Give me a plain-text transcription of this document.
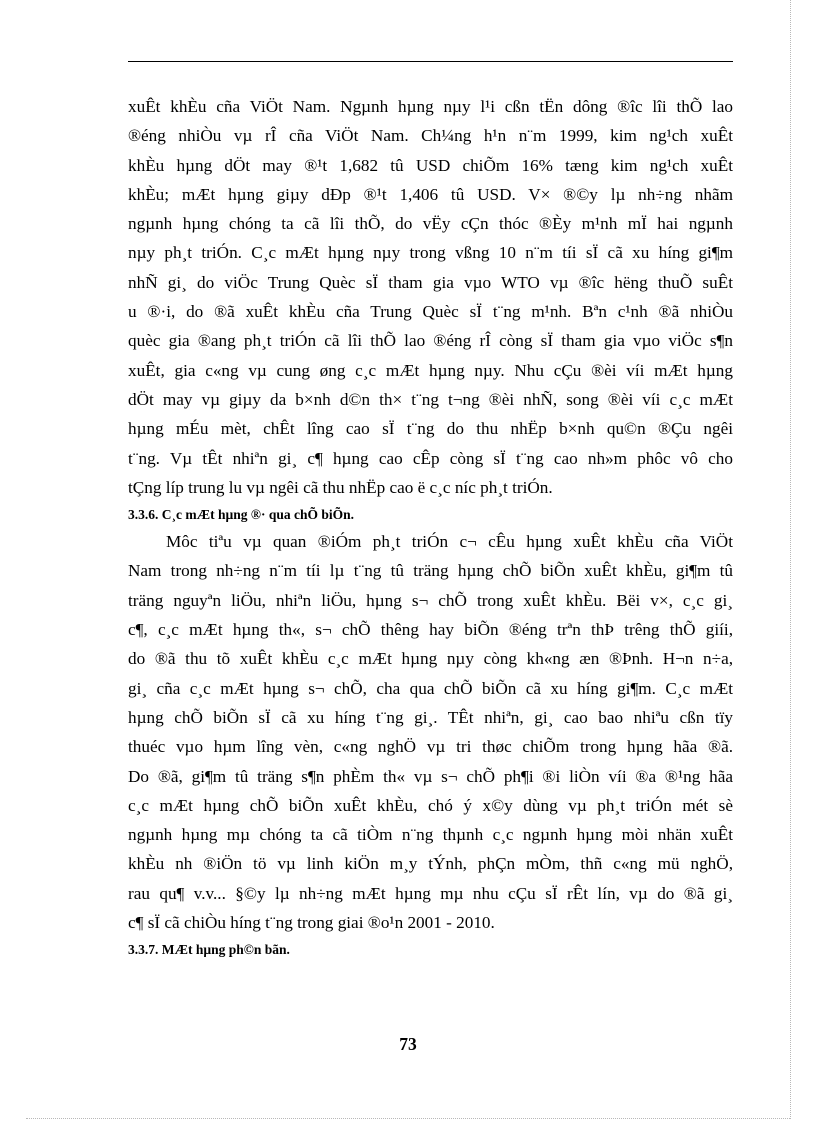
xuÊt khÈu cña ViÖt Nam. Ngµnh hµng nµy l¹i cßn tËn dông ®îc lîi thÕ lao
®éng nhiÒu vµ rÎ cña ViÖt Nam. Ch¼ng h¹n n¨m 1999, kim ng¹ch xuÊt
khÈu hµng dÖt may ®¹t 1,682 tû USD chiÕm 16% tæng kim ng¹ch xuÊt
khÈu; mÆt hµng giµy dÐp ®¹t 1,406 tû USD. V× ®©y lµ nh÷ng nhãm
ngµnh hµng chóng ta cã lîi thÕ, do vËy cÇn thóc ®Èy m¹nh mÏ hai ngµnh
nµy ph¸t triÓn. C¸c mÆt hµng nµy trong vßng 10 n¨m tíi sÏ cã xu híng gi¶m
nhÑ gi¸ do viÖc Trung Quèc sÏ tham gia vµo WTO vµ ®îc hëng thuÕ suÊt
u ®·i, do ®ã xuÊt khÈu cña Trung Quèc sÏ t¨ng m¹nh. Bªn c¹nh ®ã nhiÒu
quèc gia ®ang ph¸t triÓn cã lîi thÕ lao ®éng rÎ còng sÏ tham gia vµo viÖc s¶n
xuÊt, gia c«ng vµ cung øng c¸c mÆt hµng nµy. Nhu cÇu ®èi víi mÆt hµng
dÖt may vµ giµy da b×nh d©n th× t¨ng t¬ng ®èi nhÑ, song ®èi víi c¸c mÆt
hµng mÉu mèt, chÊt lîng cao sÏ t¨ng do thu nhËp b×nh qu©n ®Çu ngêi
t¨ng. Vµ tÊt nhiªn gi¸ c¶ hµng cao cÊp còng sÏ t¨ng cao nh»m phôc vô cho
tÇng líp trung lu vµ ngêi cã thu nhËp cao ë c¸c níc ph¸t triÓn.
3.3.6. C¸c mÆt hµng ®· qua chÕ biÕn.
Môc tiªu vµ quan ®iÓm ph¸t triÓn c¬ cÊu hµng xuÊt khÈu cña ViÖt
Nam trong nh÷ng n¨m tíi lµ t¨ng tû träng hµng chÕ biÕn xuÊt khÈu, gi¶m tû
träng nguyªn liÖu, nhiªn liÖu, hµng s¬ chÕ trong xuÊt khÈu. Bëi v×, c¸c gi¸
c¶, c¸c mÆt hµng th«, s¬ chÕ thêng hay biÕn ®éng trªn thÞ trêng thÕ giíi,
do ®ã thu tõ xuÊt khÈu c¸c mÆt hµng nµy còng kh«ng æn ®Þnh. H¬n n÷a,
gi¸ cña c¸c mÆt hµng s¬ chÕ, cha qua chÕ biÕn cã xu híng gi¶m. C¸c mÆt
hµng chÕ biÕn sÏ cã xu híng t¨ng gi¸. TÊt nhiªn, gi¸ cao bao nhiªu cßn tïy
thuéc vµo hµm lîng vèn, c«ng nghÖ vµ tri thøc chiÕm trong hµng hãa ®ã.
Do ®ã, gi¶m tû träng s¶n phÈm th« vµ s¬ chÕ ph¶i ®i liÒn víi ®a ®¹ng hãa
c¸c mÆt hµng chÕ biÕn xuÊt khÈu, chó ý x©y dùng vµ ph¸t triÓn mét sè
ngµnh hµng mµ chóng ta cã tiÒm n¨ng thµnh c¸c ngµnh hµng mòi nhän xuÊt
khÈu nh ®iÖn tö vµ linh kiÖn m¸y tÝnh, phÇn mÒm, thñ c«ng mü nghÖ,
rau qu¶ v.v... §©y lµ nh÷ng mÆt hµng mµ nhu cÇu sÏ rÊt lín, vµ do ®ã gi¸
c¶ sÏ cã chiÒu híng t¨ng trong giai ®o¹n 2001 - 2010.
3.3.7. MÆt hµng ph©n bãn.
73
